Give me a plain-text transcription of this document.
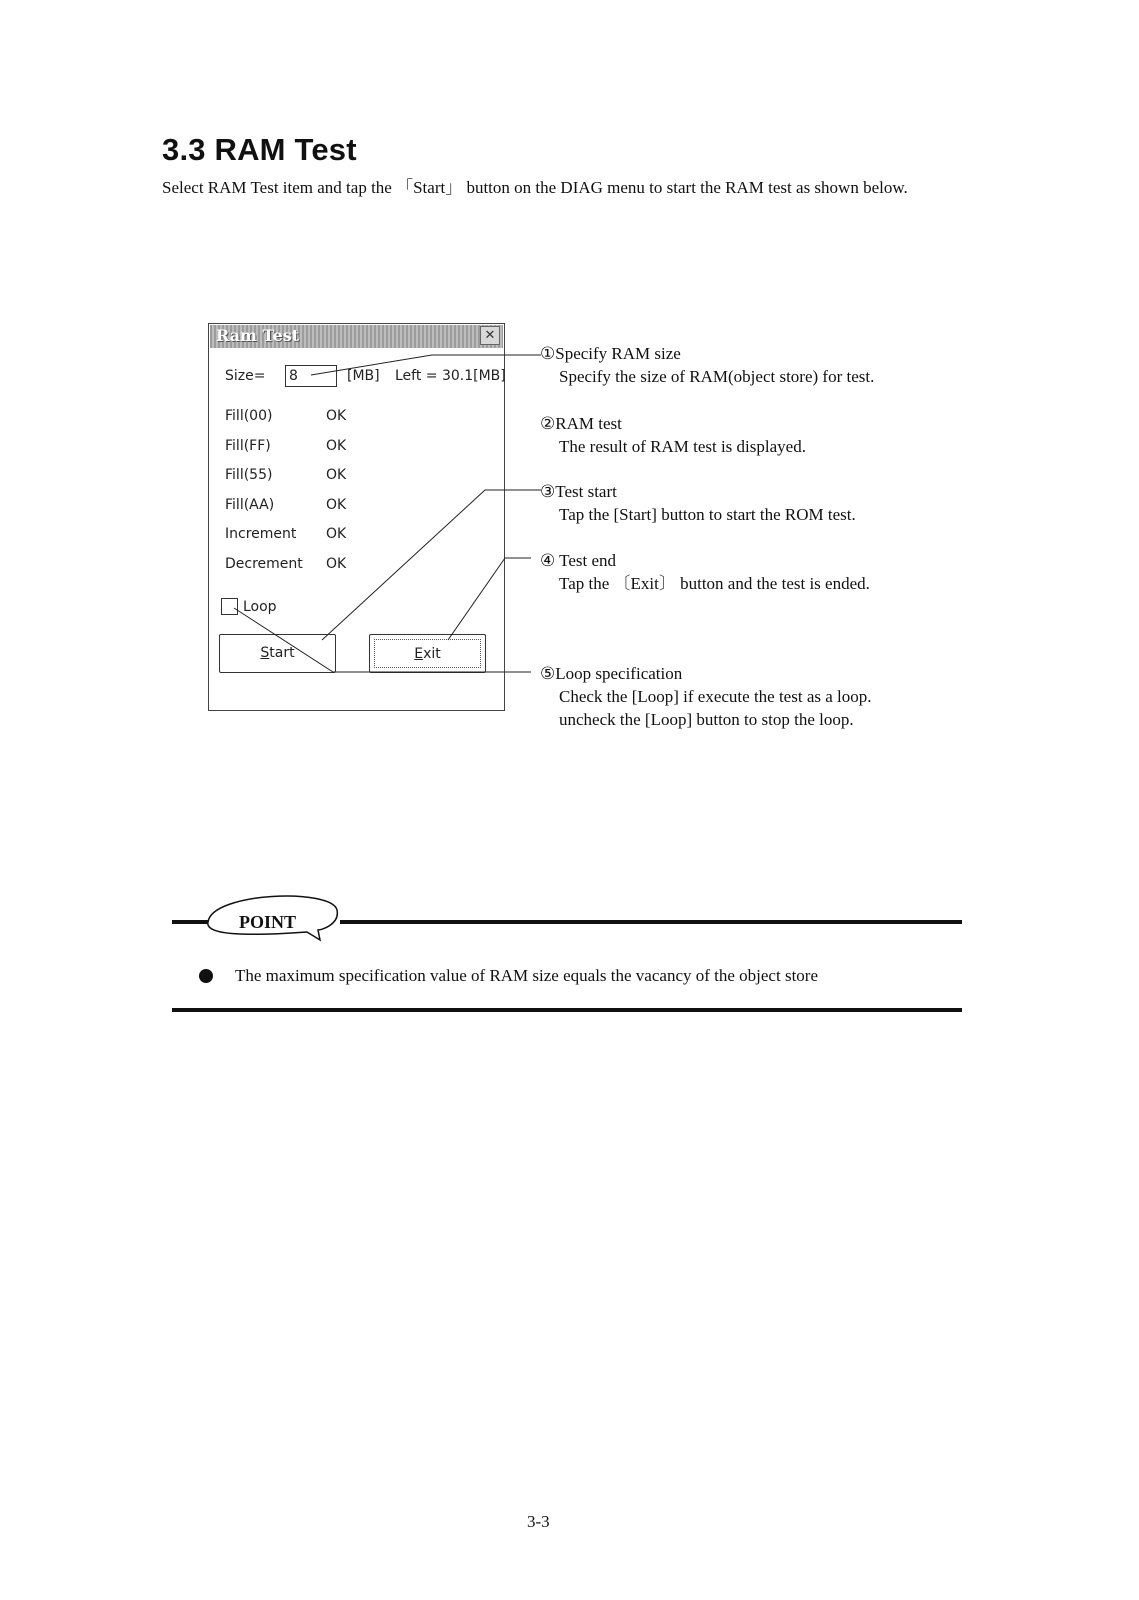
3.3 RAM Test

Select RAM Test item and tap the 「Start」 button on the DIAG menu to start the RAM test as shown below.

Ram Test	✕
Size= 8	[MB] Left = 30.1[MB]
Fill(00)	OK
Fill(FF)	OK
Fill(55)	OK
Fill(AA)	OK
Increment OK
Decrement OK
Loop
Start	Exit
①Specify RAM size
Specify the size of RAM(object store) for test.
②RAM test
The result of RAM test is displayed.
③Test start
Tap the [Start] button to start the ROM test.
④ Test end
Tap the 〔Exit〕 button and the test is ended.
⑤Loop specification
Check the [Loop] if execute the test as a loop.
uncheck the [Loop] button to stop the loop.
POINT
The maximum specification value of RAM size equals the vacancy of the object store
3-3
